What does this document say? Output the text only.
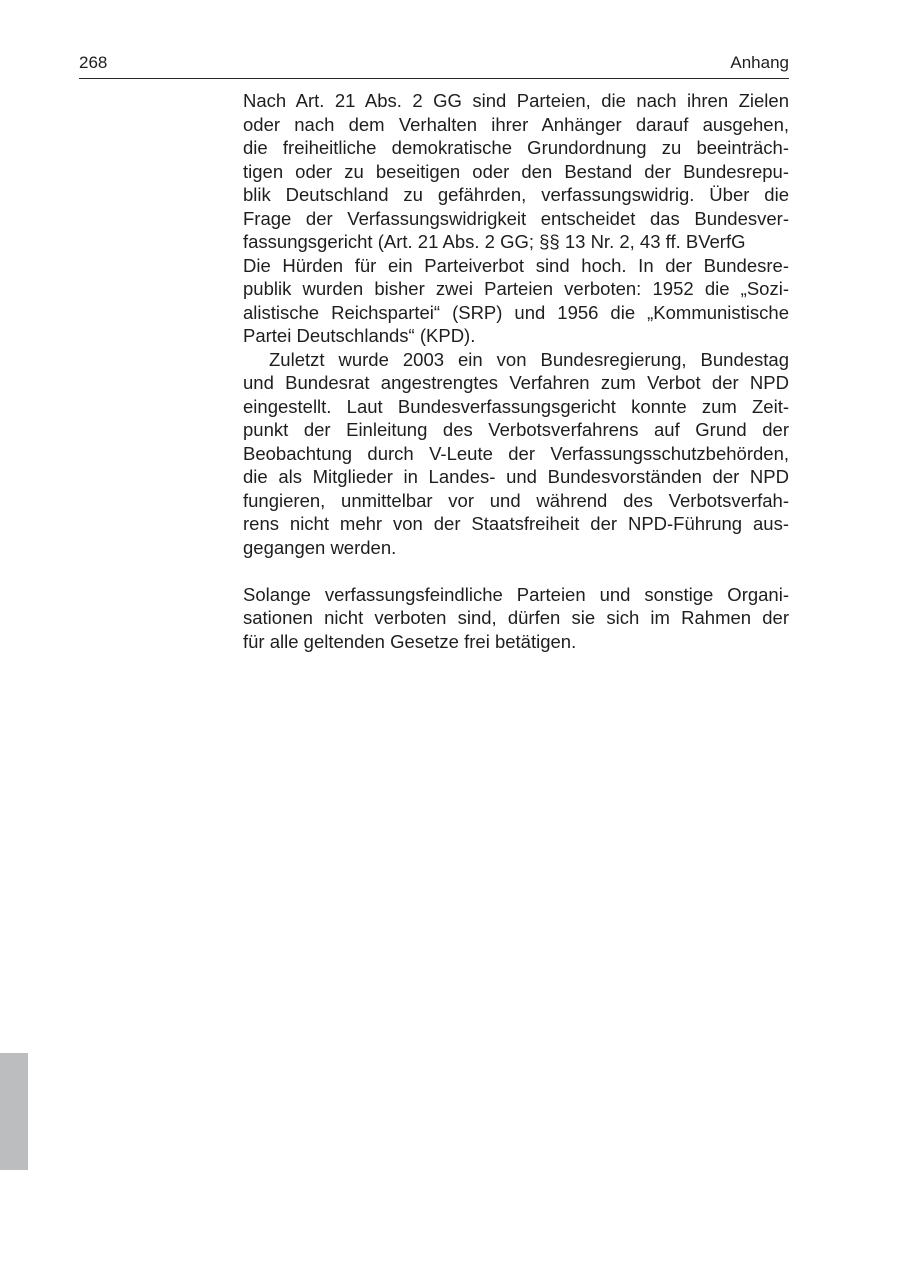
268	Anhang
Nach Art. 21 Abs. 2 GG sind Parteien, die nach ihren Zielen
oder nach dem Verhalten ihrer Anhänger darauf ausgehen,
die freiheitliche demokratische Grundordnung zu beeinträch-
tigen oder zu beseitigen oder den Bestand der Bundesrepu-
blik Deutschland zu gefährden, verfassungswidrig. Über die
Frage der Verfassungswidrigkeit entscheidet das Bundesver-
fassungsgericht (Art. 21 Abs. 2 GG; §§ 13 Nr. 2, 43 ff. BVerfG
Die Hürden für ein Parteiverbot sind hoch. In der Bundesre-
publik wurden bisher zwei Parteien verboten: 1952 die „Sozi-
alistische Reichspartei“ (SRP) und 1956 die „Kommunistische
Partei Deutschlands“ (KPD).
Zuletzt wurde 2003 ein von Bundesregierung, Bundestag
und Bundesrat angestrengtes Verfahren zum Verbot der NPD
eingestellt. Laut Bundesverfassungsgericht konnte zum Zeit-
punkt der Einleitung des Verbotsverfahrens auf Grund der
Beobachtung durch V-Leute der Verfassungsschutzbehörden,
die als Mitglieder in Landes- und Bundesvorständen der NPD
fungieren, unmittelbar vor und während des Verbotsverfah-
rens nicht mehr von der Staatsfreiheit der NPD-Führung aus-
gegangen werden.
Solange verfassungsfeindliche Parteien und sonstige Organi-
sationen nicht verboten sind, dürfen sie sich im Rahmen der
für alle geltenden Gesetze frei betätigen.
